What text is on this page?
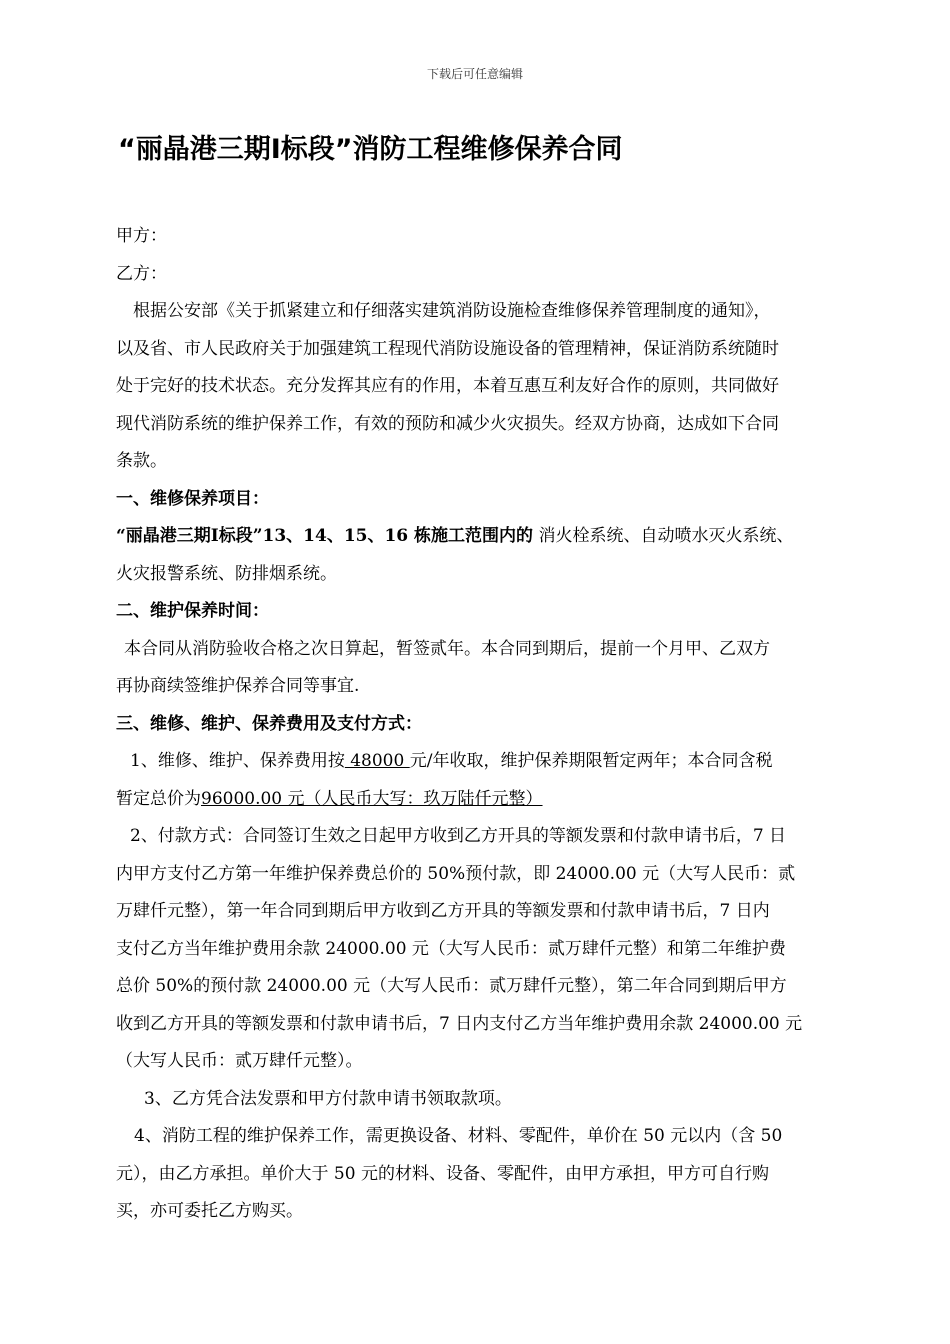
下载后可任意编辑
“丽晶港三期Ⅰ标段”消防工程维修保养合同
甲方：
乙方：
根据公安部《关于抓紧建立和仔细落实建筑消防设施检查维修保养管理制度的通知》，
以及省、市人民政府关于加强建筑工程现代消防设施设备的管理精神，保证消防系统随时
处于完好的技术状态。充分发挥其应有的作用，本着互惠互利友好合作的原则，共同做好
现代消防系统的维护保养工作，有效的预防和减少火灾损失。经双方协商，达成如下合同
条款。
一、维修保养项目：
“丽晶港三期Ⅰ标段”13、14、15、16 栋施工范围内的 消火栓系统、自动喷水灭火系统、
火灾报警系统、防排烟系统。
二、维护保养时间：
本合同从消防验收合格之次日算起，暂签贰年。本合同到期后，提前一个月甲、乙双方
再协商续签维护保养合同等事宜.
三、维修、维护、保养费用及支付方式：
1、维修、维护、保养费用按 48000 元/年收取，维护保养期限暂定两年；本合同含税
暂定总价为96000.00 元（人民币大写：玖万陆仟元整）
2、付款方式：合同签订生效之日起甲方收到乙方开具的等额发票和付款申请书后，7 日
内甲方支付乙方第一年维护保养费总价的 50%预付款，即 24000.00 元（大写人民币：贰
万肆仟元整），第一年合同到期后甲方收到乙方开具的等额发票和付款申请书后，7 日内
支付乙方当年维护费用余款 24000.00 元（大写人民币：贰万肆仟元整）和第二年维护费
总价 50%的预付款 24000.00 元（大写人民币：贰万肆仟元整），第二年合同到期后甲方
收到乙方开具的等额发票和付款申请书后，7 日内支付乙方当年维护费用余款 24000.00 元
（大写人民币：贰万肆仟元整）。
3、乙方凭合法发票和甲方付款申请书领取款项。
4、消防工程的维护保养工作，需更换设备、材料、零配件，单价在 50 元以内（含 50
元），由乙方承担。单价大于 50 元的材料、设备、零配件，由甲方承担，甲方可自行购
买，亦可委托乙方购买。
